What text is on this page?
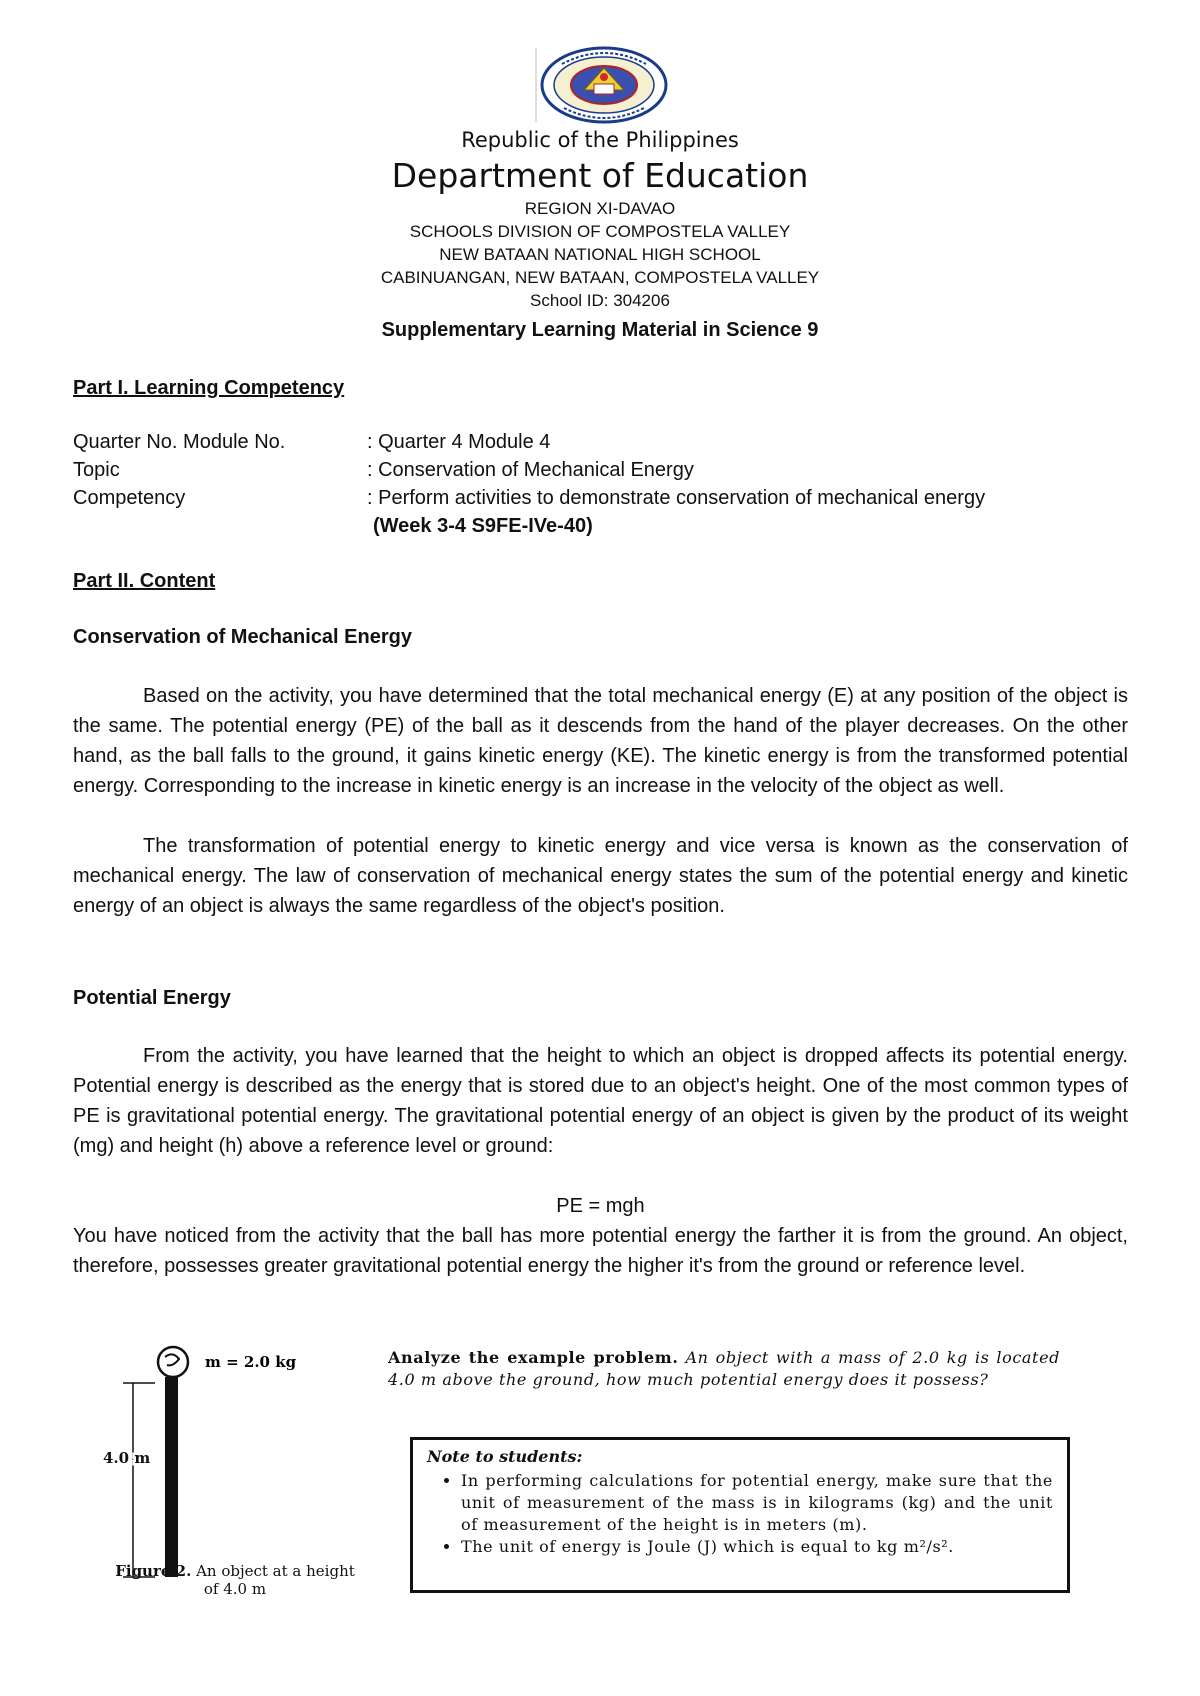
Republic of the Philippines
Department of Education
REGION XI-DAVAO
SCHOOLS DIVISION OF COMPOSTELA VALLEY
NEW BATAAN NATIONAL HIGH SCHOOL
CABINUANGAN, NEW BATAAN, COMPOSTELA VALLEY
School ID: 304206
Supplementary Learning Material in Science 9
Part I. Learning Competency
Quarter No. Module No.	: Quarter 4 Module 4
Topic	: Conservation of Mechanical Energy
Competency	: Perform activities to demonstrate conservation of mechanical energy
(Week 3-4 S9FE-IVe-40)
Part II. Content
Conservation of Mechanical Energy
Based on the activity, you have determined that the total mechanical energy (E) at any position of the object is the same. The potential energy (PE) of the ball as it descends from the hand of the player decreases. On the other hand, as the ball falls to the ground, it gains kinetic energy (KE). The kinetic energy is from the transformed potential energy. Corresponding to the increase in kinetic energy is an increase in the velocity of the object as well.
The transformation of potential energy to kinetic energy and vice versa is known as the conservation of mechanical energy. The law of conservation of mechanical energy states the sum of the potential energy and kinetic energy of an object is always the same regardless of the object's position.
Potential Energy
From the activity, you have learned that the height to which an object is dropped affects its potential energy. Potential energy is described as the energy that is stored due to an object's height. One of the most common types of PE is gravitational potential energy. The gravitational potential energy of an object is given by the product of its weight (mg) and height (h) above a reference level or ground:
PE = mgh
You have noticed from the activity that the ball has more potential energy the farther it is from the ground. An object, therefore, possesses greater gravitational potential energy the higher it's from the ground or reference level.
m = 2.0 kg
4.0 m
Figure 2. An object at a height of 4.0 m
Analyze the example problem. An object with a mass of 2.0 kg is located 4.0 m above the ground, how much potential energy does it possess?
Note to students:
• In performing calculations for potential energy, make sure that the unit of measurement of the mass is in kilograms (kg) and the unit of measurement of the height is in meters (m).
• The unit of energy is Joule (J) which is equal to kg m²/s².
